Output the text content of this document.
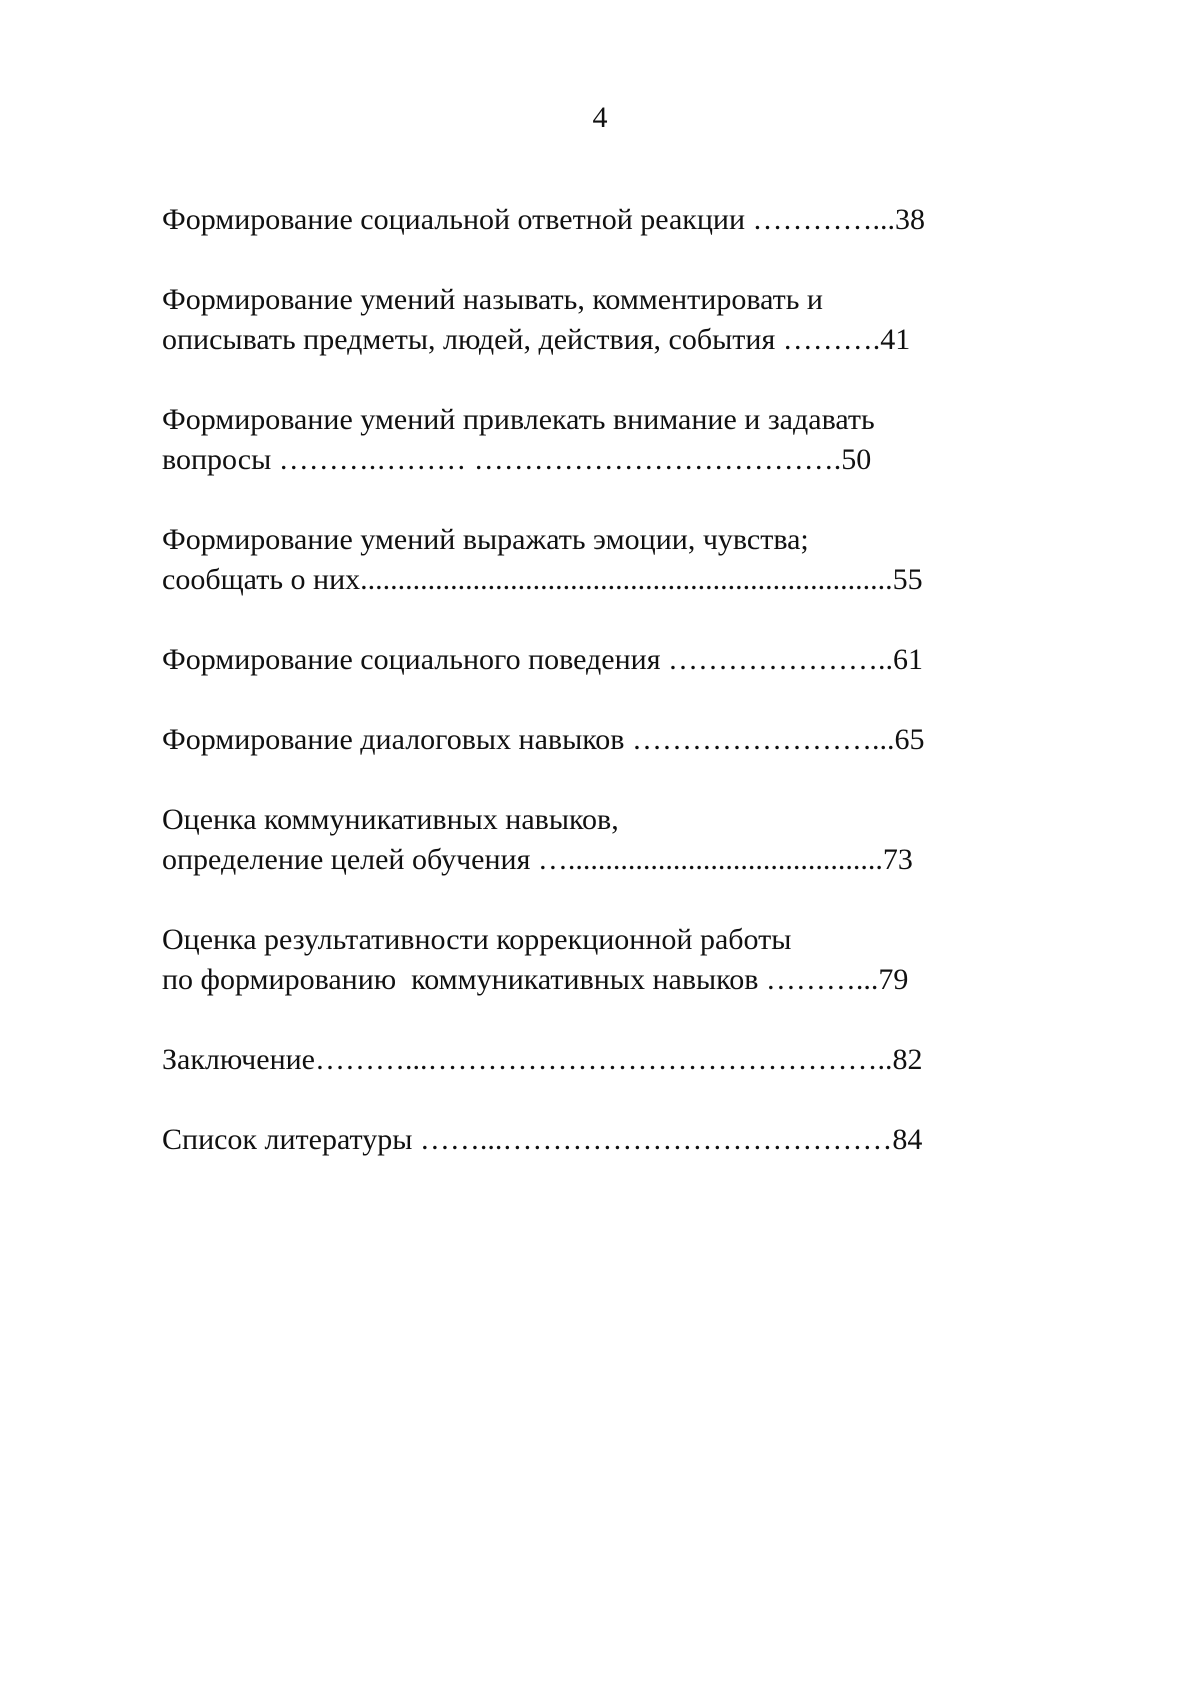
4
Формирование социальной ответной реакции …………...38
Формирование умений называть, комментировать и
описывать предметы, людей, действия, события ……….41
Формирование умений привлекать внимание и задавать
вопросы ……….……… ……………………………….50
Формирование умений выражать эмоции, чувства;
сообщать о них.......................................................................55
Формирование социального поведения …………………..61
Формирование диалоговых навыков ……………………...65
Оценка коммуникативных навыков,
определение целей обучения …..........................................73
Оценка результативности коррекционной работы
по формированию  коммуникативных навыков ………...79
Заключение………...………………………………………..82
Список литературы ……...…………………………………84
